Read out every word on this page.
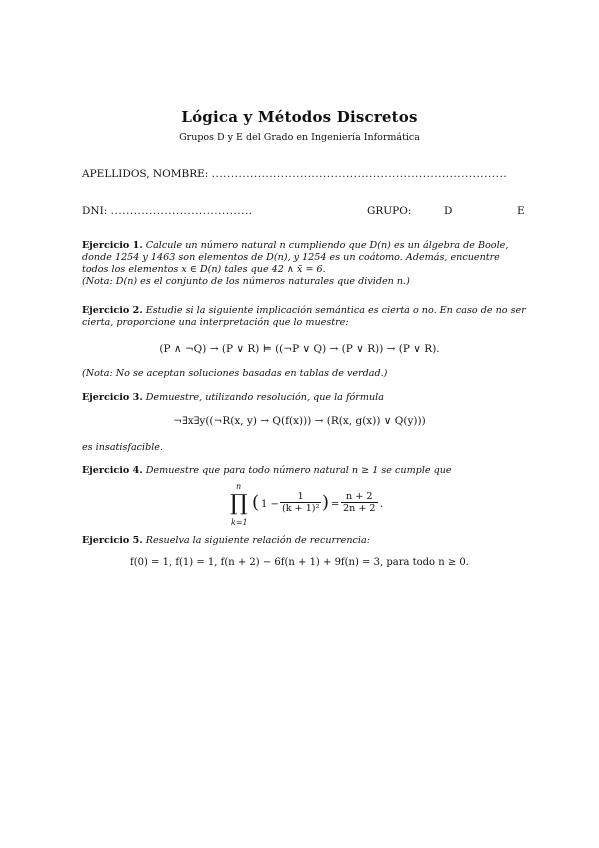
Lógica y Métodos Discretos
Grupos D y E del Grado en Ingeniería Informática
APELLIDOS, NOMBRE: .............................................................................
DNI: .....................................	GRUPO:	D	E
Ejercicio 1. Calcule un número natural n cumpliendo que D(n) es un álgebra de Boole, donde 1254 y 1463 son elementos de D(n), y 1254 es un coátomo. Además, encuentre todos los elementos x ∈ D(n) tales que 42 ∧ x̄ = 6.
(Nota: D(n) es el conjunto de los números naturales que dividen n.)
Ejercicio 2. Estudie si la siguiente implicación semántica es cierta o no. En caso de no ser cierta, proporcione una interpretación que lo muestre:
(P ∧ ¬Q) → (P ∨ R) ⊨ ((¬P ∨ Q) → (P ∨ R)) → (P ∨ R).
(Nota: No se aceptan soluciones basadas en tablas de verdad.)
Ejercicio 3. Demuestre, utilizando resolución, que la fórmula
¬∃x∃y((¬R(x, y) → Q(f(x))) → (R(x, g(x)) ∨ Q(y)))
es insatisfacible.
Ejercicio 4. Demuestre que para todo número natural n ≥ 1 se cumple que
n
∏
k=1
( $1 - \frac{1}{\text{(k + 1)²}}$ ) = $\frac{n + 2}{2n + 2}$ .
Ejercicio 5. Resuelva la siguiente relación de recurrencia:
f(0) = 1, f(1) = 1, f(n + 2) − 6f(n + 1) + 9f(n) = 3, para todo n ≥ 0.
